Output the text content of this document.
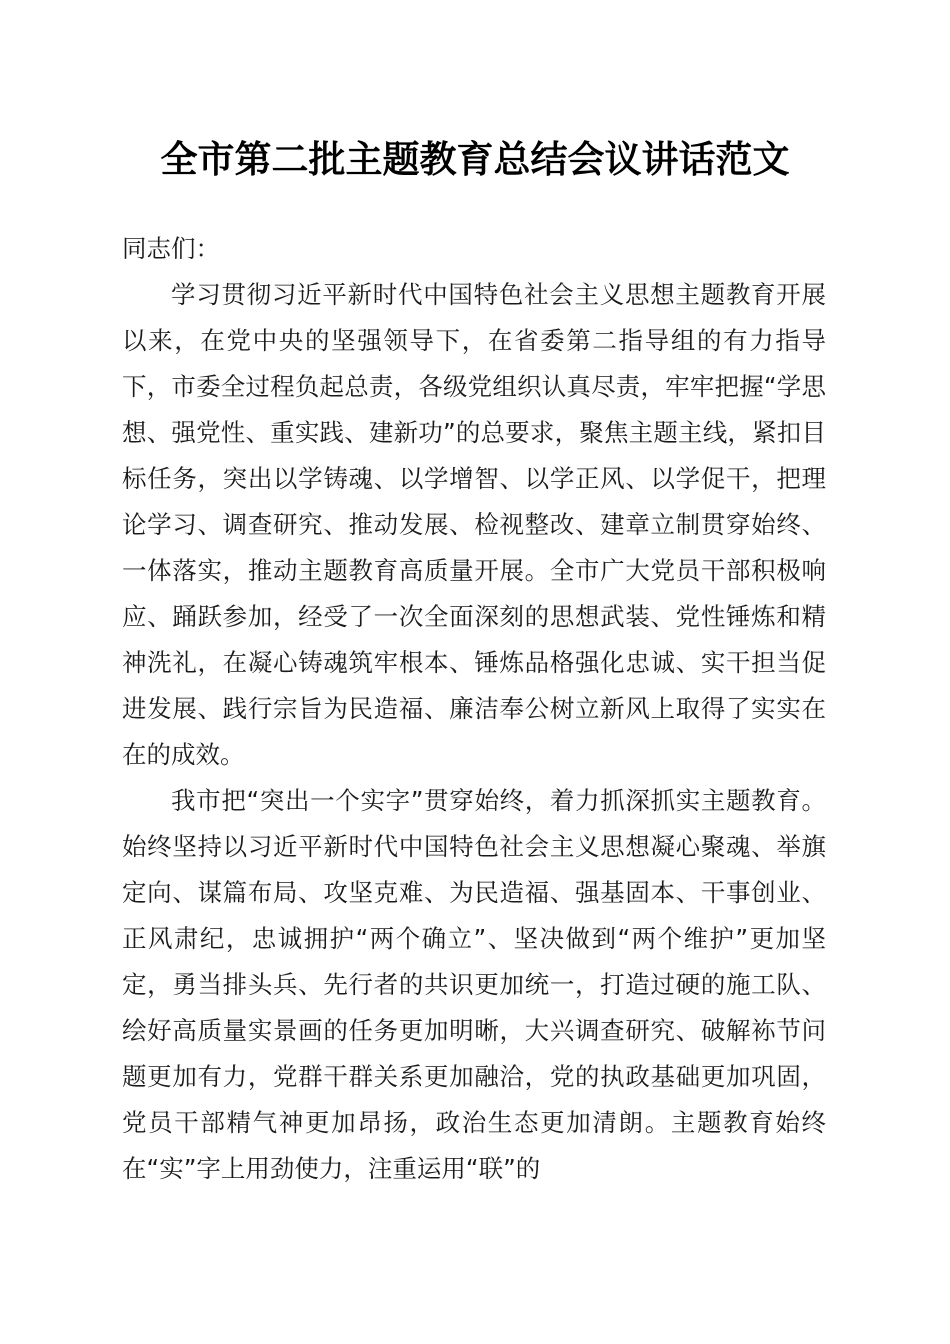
全市第二批主题教育总结会议讲话范文

同志们：

学习贯彻习近平新时代中国特色社会主义思想主题教育开展以来，在党中央的坚强领导下，在省委第二指导组的有力指导下，市委全过程负起总责，各级党组织认真尽责，牢牢把握“学思想、强党性、重实践、建新功”的总要求，聚焦主题主线，紧扣目标任务，突出以学铸魂、以学增智、以学正风、以学促干，把理论学习、调查研究、推动发展、检视整改、建章立制贯穿始终、一体落实，推动主题教育高质量开展。全市广大党员干部积极响应、踊跃参加，经受了一次全面深刻的思想武装、党性锤炼和精神洗礼，在凝心铸魂筑牢根本、锤炼品格强化忠诚、实干担当促进发展、践行宗旨为民造福、廉洁奉公树立新风上取得了实实在在的成效。

我市把“突出一个实字”贯穿始终，着力抓深抓实主题教育。始终坚持以习近平新时代中国特色社会主义思想凝心聚魂、举旗定向、谋篇布局、攻坚克难、为民造福、强基固本、干事创业、正风肃纪，忠诚拥护“两个确立”、坚决做到“两个维护”更加坚定，勇当排头兵、先行者的共识更加统一，打造过硬的施工队、绘好高质量实景画的任务更加明晰，大兴调查研究、破解袮节问题更加有力，党群干群关系更加融洽，党的执政基础更加巩固，党员干部精气神更加昂扬，政治生态更加清朗。主题教育始终在“实”字上用劲使力，注重运用“联”的
